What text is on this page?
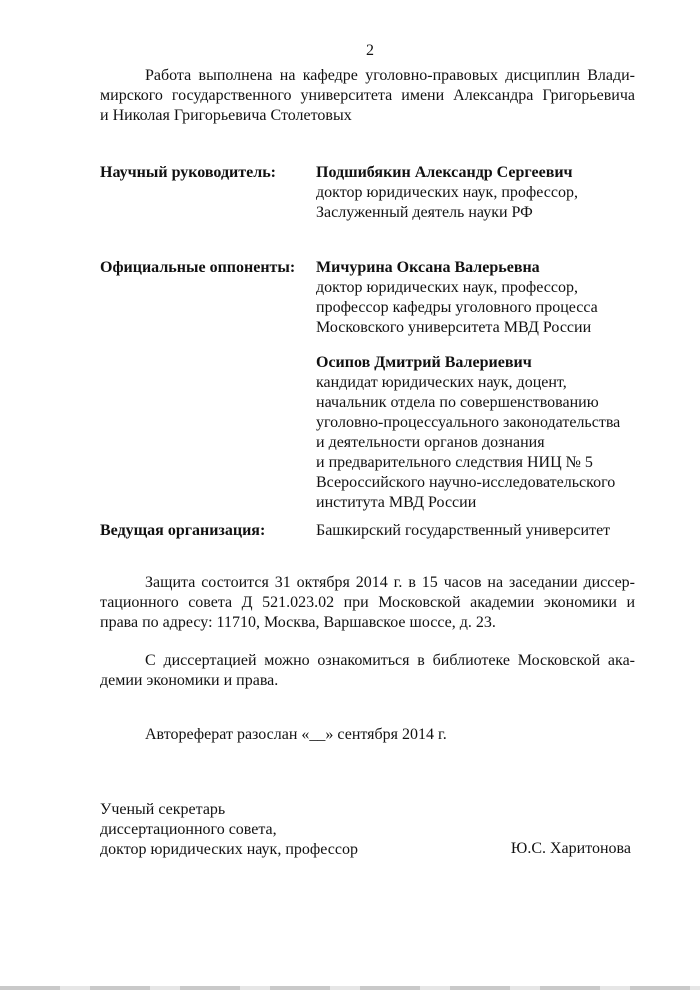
2
Работа выполнена на кафедре уголовно-правовых дисциплин Влади-
мирского государственного университета имени Александра Григорьевича
и Николая Григорьевича Столетовых
Научный руководитель:	Подшибякин Александр Сергеевич
доктор юридических наук, профессор,
Заслуженный деятель науки РФ
Официальные оппоненты: Мичурина Оксана Валерьевна
доктор юридических наук, профессор,
профессор кафедры уголовного процесса
Московского университета МВД России
Осипов Дмитрий Валериевич
кандидат юридических наук, доцент,
начальник отдела по совершенствованию
уголовно-процессуального законодательства
и деятельности органов дознания
и предварительного следствия НИЦ № 5
Всероссийского научно-исследовательского
института МВД России
Ведущая организация:	Башкирский государственный университет
Защита состоится 31 октября 2014 г. в 15 часов на заседании диссер-
тационного совета Д 521.023.02 при Московской академии экономики и
права по адресу: 11710, Москва, Варшавское шоссе, д. 23.
С диссертацией можно ознакомиться в библиотеке Московской ака-
демии экономики и права.
Автореферат разослан «__» сентября 2014 г.
Ученый секретарь
диссертационного совета,
доктор юридических наук, профессор	Ю.С. Харитонова
